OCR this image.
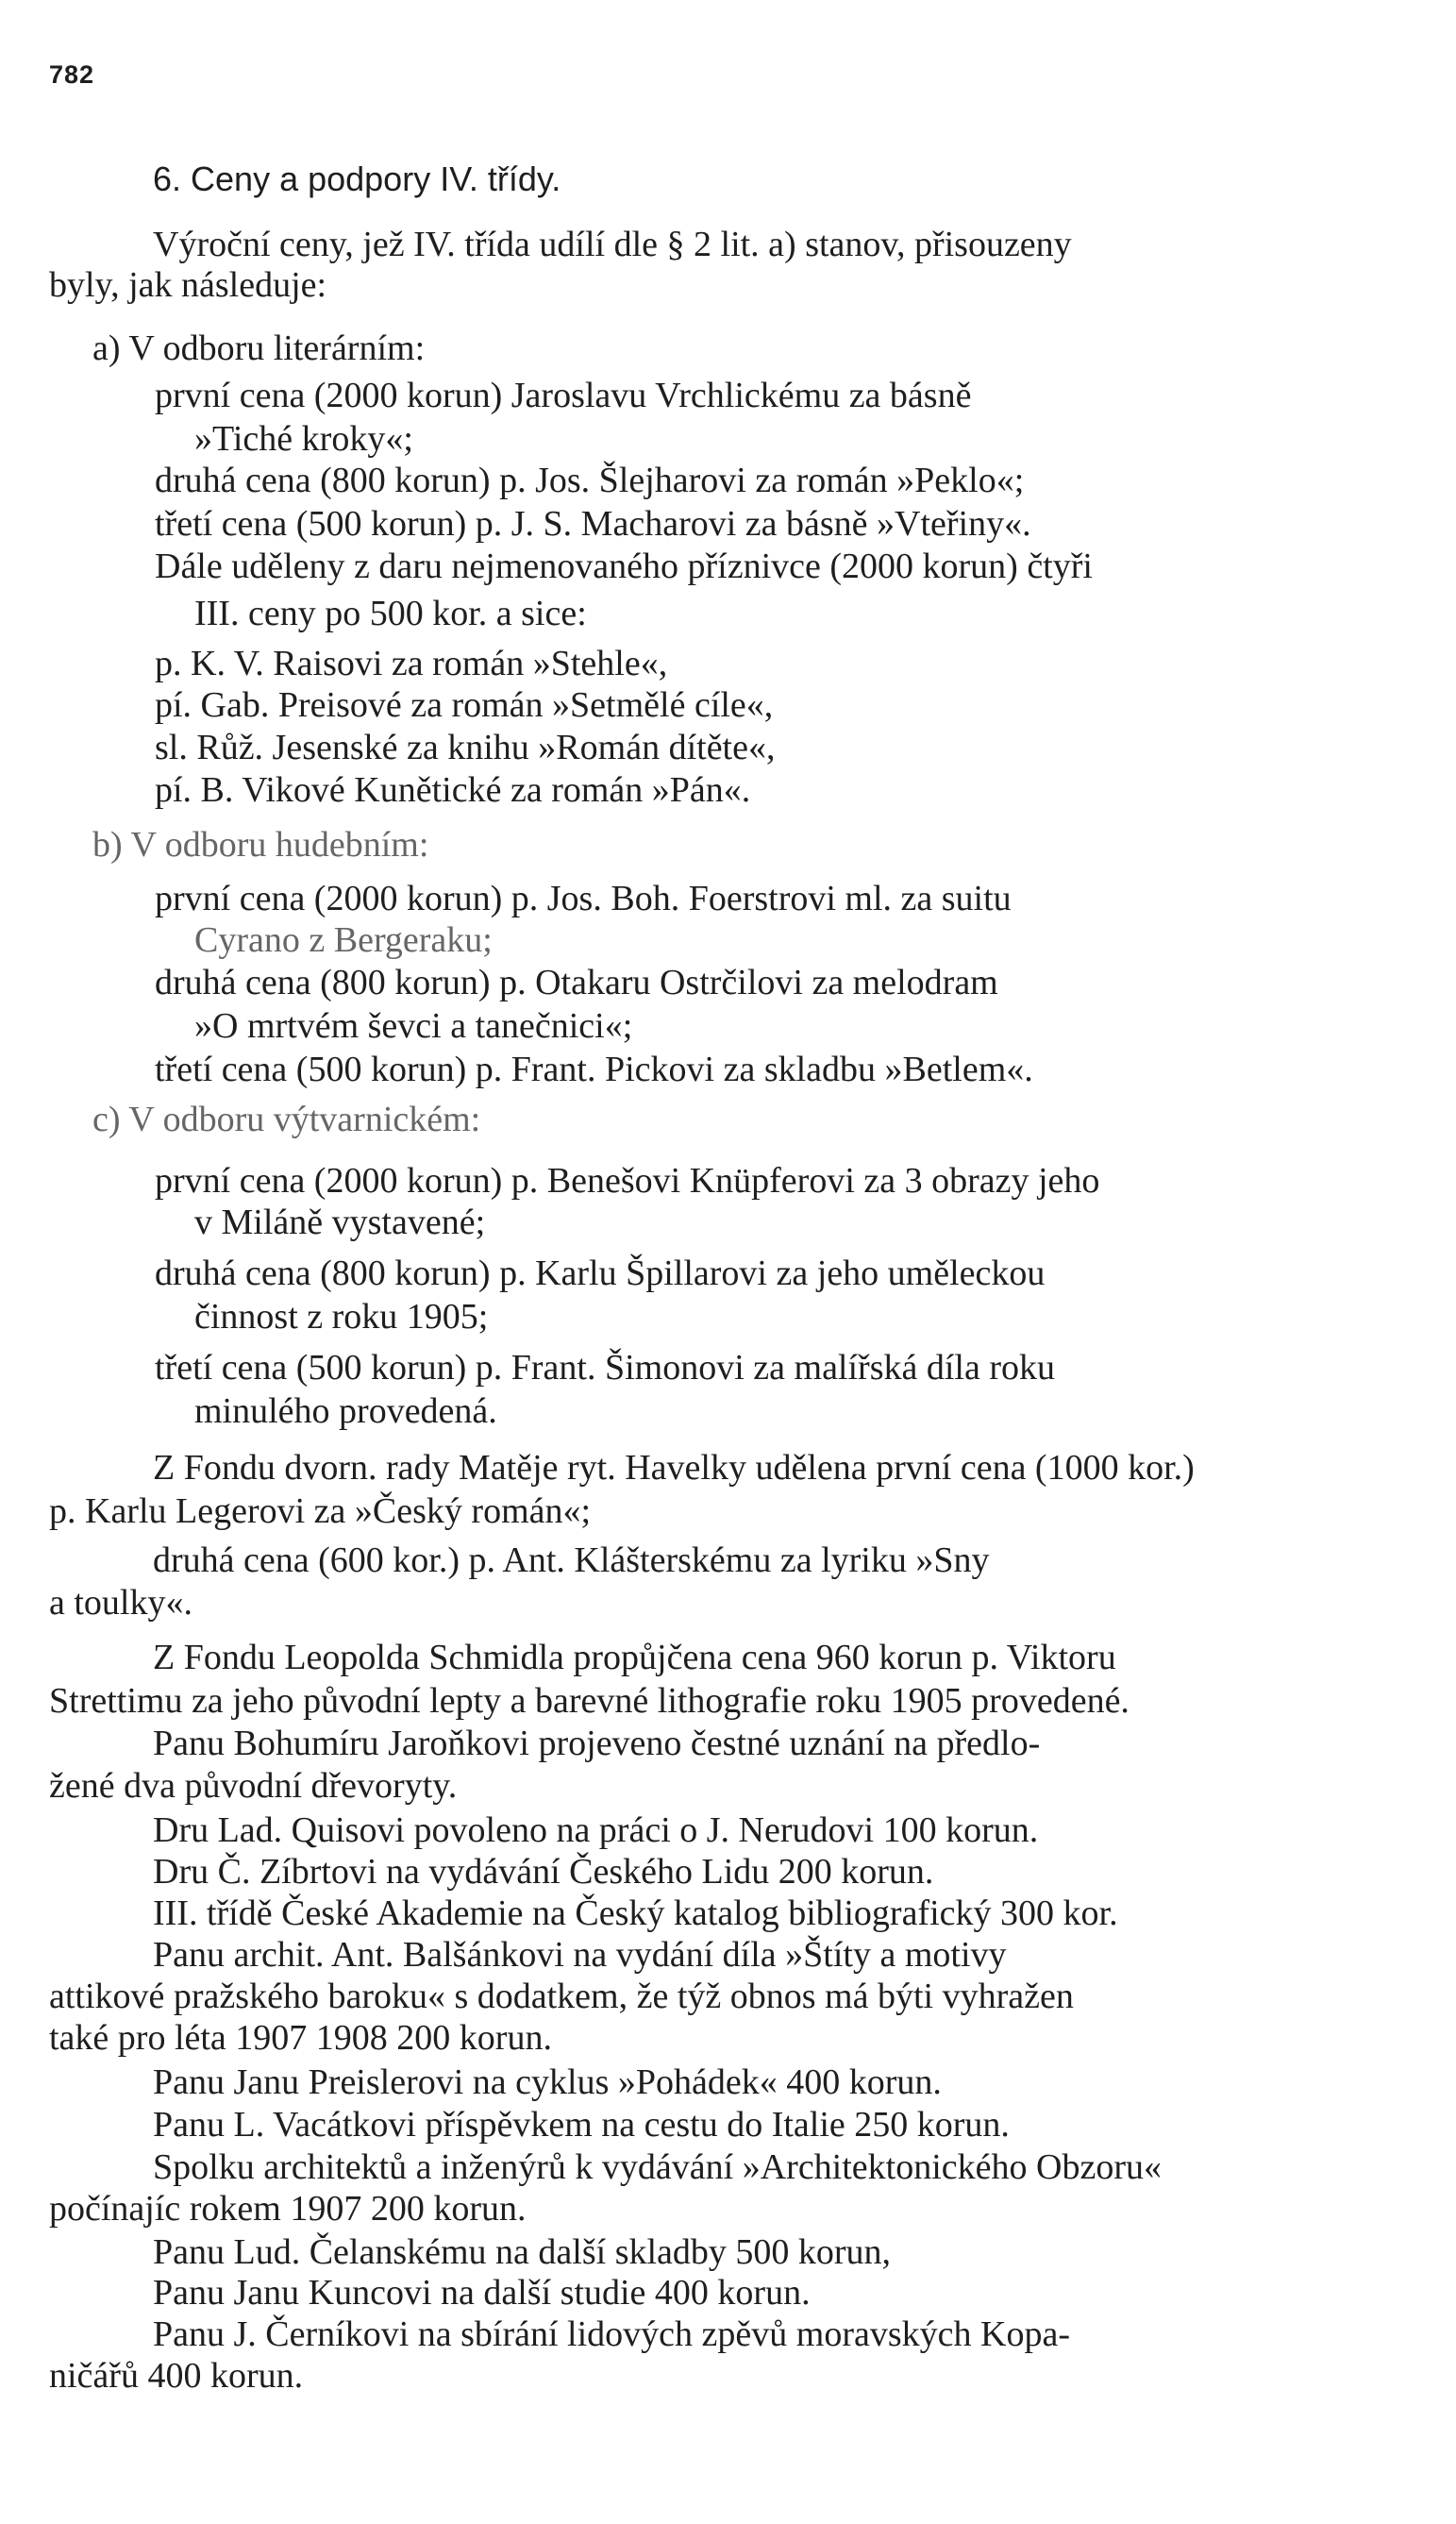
782
6. Ceny a podpory IV. třídy.
Výroční ceny, jež IV. třída udílí dle § 2 lit. a) stanov, přisouzeny
byly, jak následuje:
a) V odboru literárním:
první cena (2000 korun) Jaroslavu Vrchlickému za básně
»Tiché kroky«;
druhá cena (800 korun) p. Jos. Šlejharovi za román »Peklo«;
třetí cena (500 korun) p. J. S. Macharovi za básně »Vteřiny«.
Dále uděleny z daru nejmenovaného příznivce (2000 korun) čtyři
III. ceny po 500 kor. a sice:
p. K. V. Raisovi za román »Stehle«,
pí. Gab. Preisové za román »Setmělé cíle«,
sl. Růž. Jesenské za knihu »Román dítěte«,
pí. B. Vikové Kunětické za román »Pán«.
b) V odboru hudebním:
první cena (2000 korun) p. Jos. Boh. Foerstrovi ml. za suitu
Cyrano z Bergeraku;
druhá cena (800 korun) p. Otakaru Ostrčilovi za melodram
»O mrtvém ševci a tanečnici«;
třetí cena (500 korun) p. Frant. Pickovi za skladbu »Betlem«.
c) V odboru výtvarnickém:
první cena (2000 korun) p. Benešovi Knüpferovi za 3 obrazy jeho
v Miláně vystavené;
druhá cena (800 korun) p. Karlu Špillarovi za jeho uměleckou
činnost z roku 1905;
třetí cena (500 korun) p. Frant. Šimonovi za malířská díla roku
minulého provedená.
Z Fondu dvorn. rady Matěje ryt. Havelky udělena první cena (1000 kor.)
p. Karlu Legerovi za »Český román«;
druhá cena (600 kor.) p. Ant. Klášterskému za lyriku »Sny
a toulky«.
Z Fondu Leopolda Schmidla propůjčena cena 960 korun p. Viktoru
Strettimu za jeho původní lepty a barevné lithografie roku 1905 provedené.
Panu Bohumíru Jaroňkovi projeveno čestné uznání na předlo-
žené dva původní dřevoryty.
Dru Lad. Quisovi povoleno na práci o J. Nerudovi 100 korun.
Dru Č. Zíbrtovi na vydávání Českého Lidu 200 korun.
III. třídě České Akademie na Český katalog bibliografický 300 kor.
Panu archit. Ant. Balšánkovi na vydání díla »Štíty a motivy
attikové pražského baroku« s dodatkem, že týž obnos má býti vyhražen
také pro léta 1907 1908 200 korun.
Panu Janu Preislerovi na cyklus »Pohádek« 400 korun.
Panu L. Vacátkovi příspěvkem na cestu do Italie 250 korun.
Spolku architektů a inženýrů k vydávání »Architektonického Obzoru«
počínajíc rokem 1907 200 korun.
Panu Lud. Čelanskému na další skladby 500 korun,
Panu Janu Kuncovi na další studie 400 korun.
Panu J. Černíkovi na sbírání lidových zpěvů moravských Kopa-
ničářů 400 korun.
